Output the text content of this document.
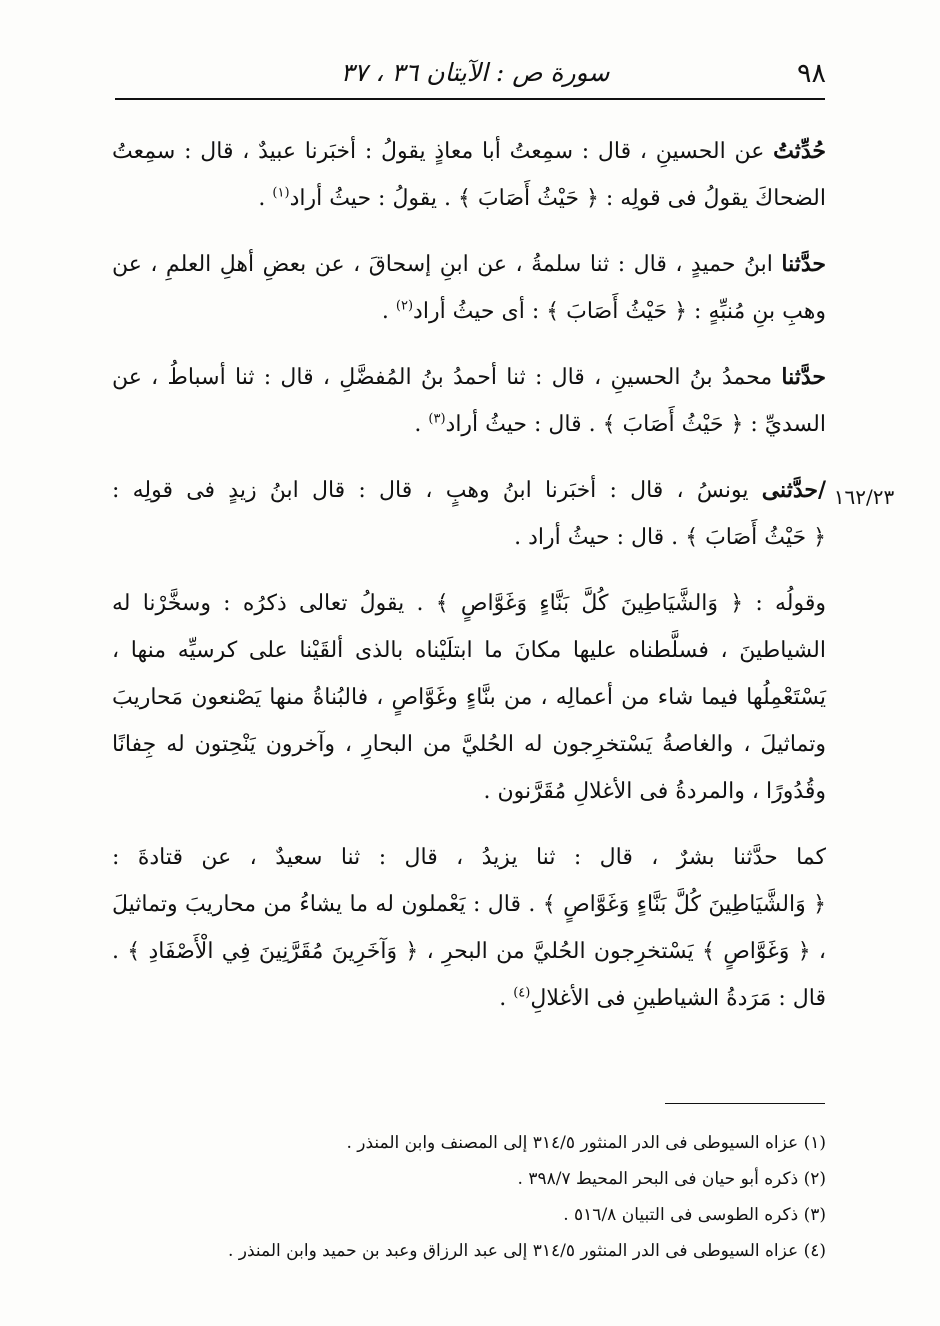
٩٨
سورة ص : الآيتان ٣٦ ، ٣٧
١٦٢/٢٣

حُدِّثتُ عن الحسينِ ، قال : سمِعتُ أبا معاذٍ يقولُ : أخبَرنا عبيدٌ ، قال : سمِعتُ الضحاكَ يقولُ فى قولِه : ﴿ حَيْثُ أَصَابَ ﴾ . يقولُ : حيثُ أراد$^{(١)}$ .

حدَّثنا ابنُ حميدٍ ، قال : ثنا سلمةُ ، عن ابنِ إسحاقَ ، عن بعضِ أهلِ العلمِ ، عن وهبِ بنِ مُنبِّهٍ : ﴿ حَيْثُ أَصَابَ ﴾ : أى حيثُ أراد$^{(٢)}$ .

حدَّثنا محمدُ بنُ الحسينِ ، قال : ثنا أحمدُ بنُ المُفضَّلِ ، قال : ثنا أسباطُ ، عن السديِّ : ﴿ حَيْثُ أَصَابَ ﴾ . قال : حيثُ أراد$^{(٣)}$ .

/حدَّثنى يونسُ ، قال : أخبَرنا ابنُ وهبٍ ، قال : قال ابنُ زيدٍ فى قولِه : ﴿ حَيْثُ أَصَابَ ﴾ . قال : حيثُ أراد .

وقولُه : ﴿ وَالشَّيَاطِينَ كُلَّ بَنَّاءٍ وَغَوَّاصٍ ﴾ . يقولُ تعالى ذكرُه : وسخَّرْنا له الشياطينَ ، فسلَّطناه عليها مكانَ ما ابتلَيْناه بالذى ألقَيْنا على كرسيِّه منها ، يَسْتَعْمِلُها فيما شاء من أعمالِه ، من بنَّاءٍ وغَوَّاصٍ ، فالبُناةُ منها يَصْنعون مَحاريبَ وتماثيلَ ، والغاصةُ يَسْتخرِجون له الحُليَّ من البحارِ ، وآخرون يَنْحِتون له جِفانًا وقُدُورًا ، والمردةُ فى الأغلالِ مُقَرَّنون .

كما حدَّثنا بشرٌ ، قال : ثنا يزيدُ ، قال : ثنا سعيدٌ ، عن قتادةَ : ﴿ وَالشَّيَاطِينَ كُلَّ بَنَّاءٍ وَغَوَّاصٍ ﴾ . قال : يَعْملون له ما يشاءُ من محاريبَ وتماثيلَ ، ﴿ وَغَوَّاصٍ ﴾ يَسْتخرِجون الحُليَّ من البحرِ ، ﴿ وَآخَرِينَ مُقَرَّنِينَ فِي الْأَصْفَادِ ﴾ . قال : مَرَدةُ الشياطينِ فى الأغلالِ$^{(٤)}$ .

(١) عزاه السيوطى فى الدر المنثور ٣١٤/٥ إلى المصنف وابن المنذر .
(٢) ذكره أبو حيان فى البحر المحيط ٣٩٨/٧ .
(٣) ذكره الطوسى فى التبيان ٥١٦/٨ .
(٤) عزاه السيوطى فى الدر المنثور ٣١٤/٥ إلى عبد الرزاق وعبد بن حميد وابن المنذر .
